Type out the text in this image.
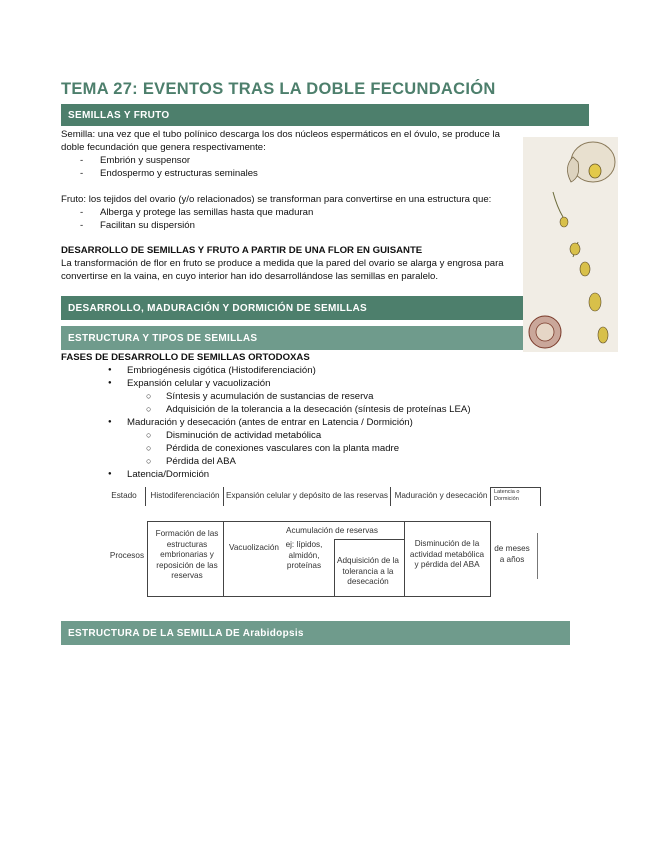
TEMA 27: EVENTOS TRAS LA DOBLE FECUNDACIÓN
SEMILLAS Y FRUTO
Semilla: una vez que el tubo polínico descarga los dos núcleos espermáticos en el óvulo, se produce la
doble fecundación que genera respectivamente:
- Embrión y suspensor
- Endospermo y estructuras seminales
Fruto: los tejidos del ovario (y/o relacionados) se transforman para convertirse en una estructura que:
- Alberga y protege las semillas hasta que maduran
- Facilitan su dispersión
DESARROLLO DE SEMILLAS Y FRUTO A PARTIR DE UNA FLOR EN GUISANTE
La transformación de flor en fruto se produce a medida que la pared del ovario se alarga y engrosa para
convertirse en la vaina, en cuyo interior han ido desarrollándose las semillas en paralelo.
DESARROLLO, MADURACIÓN Y DORMICIÓN DE SEMILLAS
ESTRUCTURA Y TIPOS DE SEMILLAS
FASES DE DESARROLLO DE SEMILLAS ORTODOXAS
● Embriogénesis cigótica (Histodiferenciación)
● Expansión celular y vacuolización
○ Síntesis y acumulación de sustancias de reserva
○ Adquisición de la tolerancia a la desecación (síntesis de proteínas LEA)
● Maduración y desecación (antes de entrar en Latencia / Dormición)
○ Disminución de actividad metabólica
○ Pérdida de conexiones vasculares con la planta madre
○ Pérdida del ABA
● Latencia/Dormición
Estado	Histodiferenciación Expansión celular y depósito de las reservas Maduración y desecación	Latencia o Dormición
Procesos
Formación de las estructuras embrionarias y reposición de las reservas
Vacuolización
Acumulación de reservas
ej: lípidos, almidón, proteínas
Adquisición de la tolerancia a la desecación
Disminución de la actividad metabólica y pérdida del ABA
de meses a años
ESTRUCTURA DE LA SEMILLA DE Arabidopsis
